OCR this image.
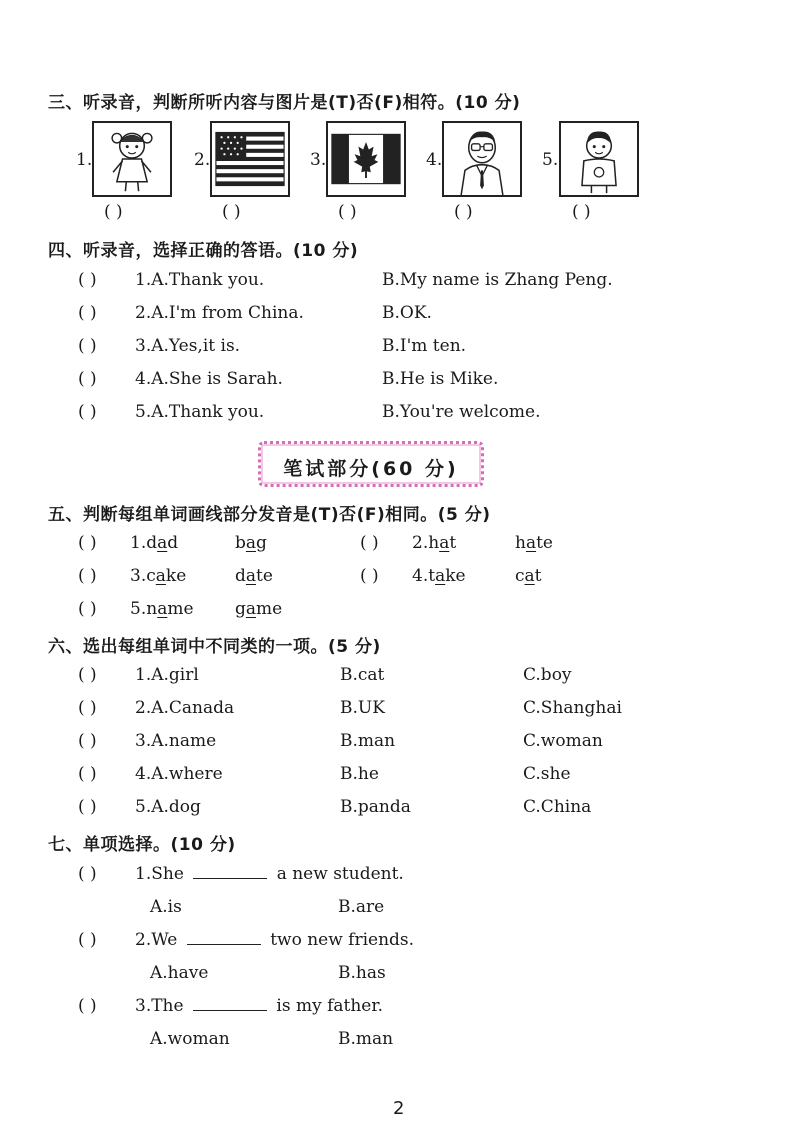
三、听录音，判断所听内容与图片是(T)否(F)相符。(10 分)
1.
( )
2.
( )
3.
( )
4.
( )
5.
( )
四、听录音，选择正确的答语。(10 分)
( ) 1.A.Thank you.	B.My name is Zhang Peng.
( ) 2.A.I'm from China.	B.OK.
( ) 3.A.Yes,it is.	B.I'm ten.
( ) 4.A.She is Sarah.	B.He is Mike.
( ) 5.A.Thank you.	B.You're welcome.
笔试部分(60 分)
五、判断每组单词画线部分发音是(T)否(F)相同。(5 分)
( ) 1.dad	bag	( ) 2.hat	hate
( ) 3.cake	date	( ) 4.take	cat
( ) 5.name game
六、选出每组单词中不同类的一项。(5 分)
( ) 1.A.girl	B.cat	C.boy
( ) 2.A.Canada	B.UK	C.Shanghai
( ) 3.A.name	B.man	C.woman
( ) 4.A.where	B.he	C.she
( ) 5.A.dog	B.panda	C.China
七、单项选择。(10 分)
( ) 1.She	a new student.
A.is	B.are
( ) 2.We	two new friends.
A.have	B.has
( ) 3.The	is my father.
A.woman	B.man
2
